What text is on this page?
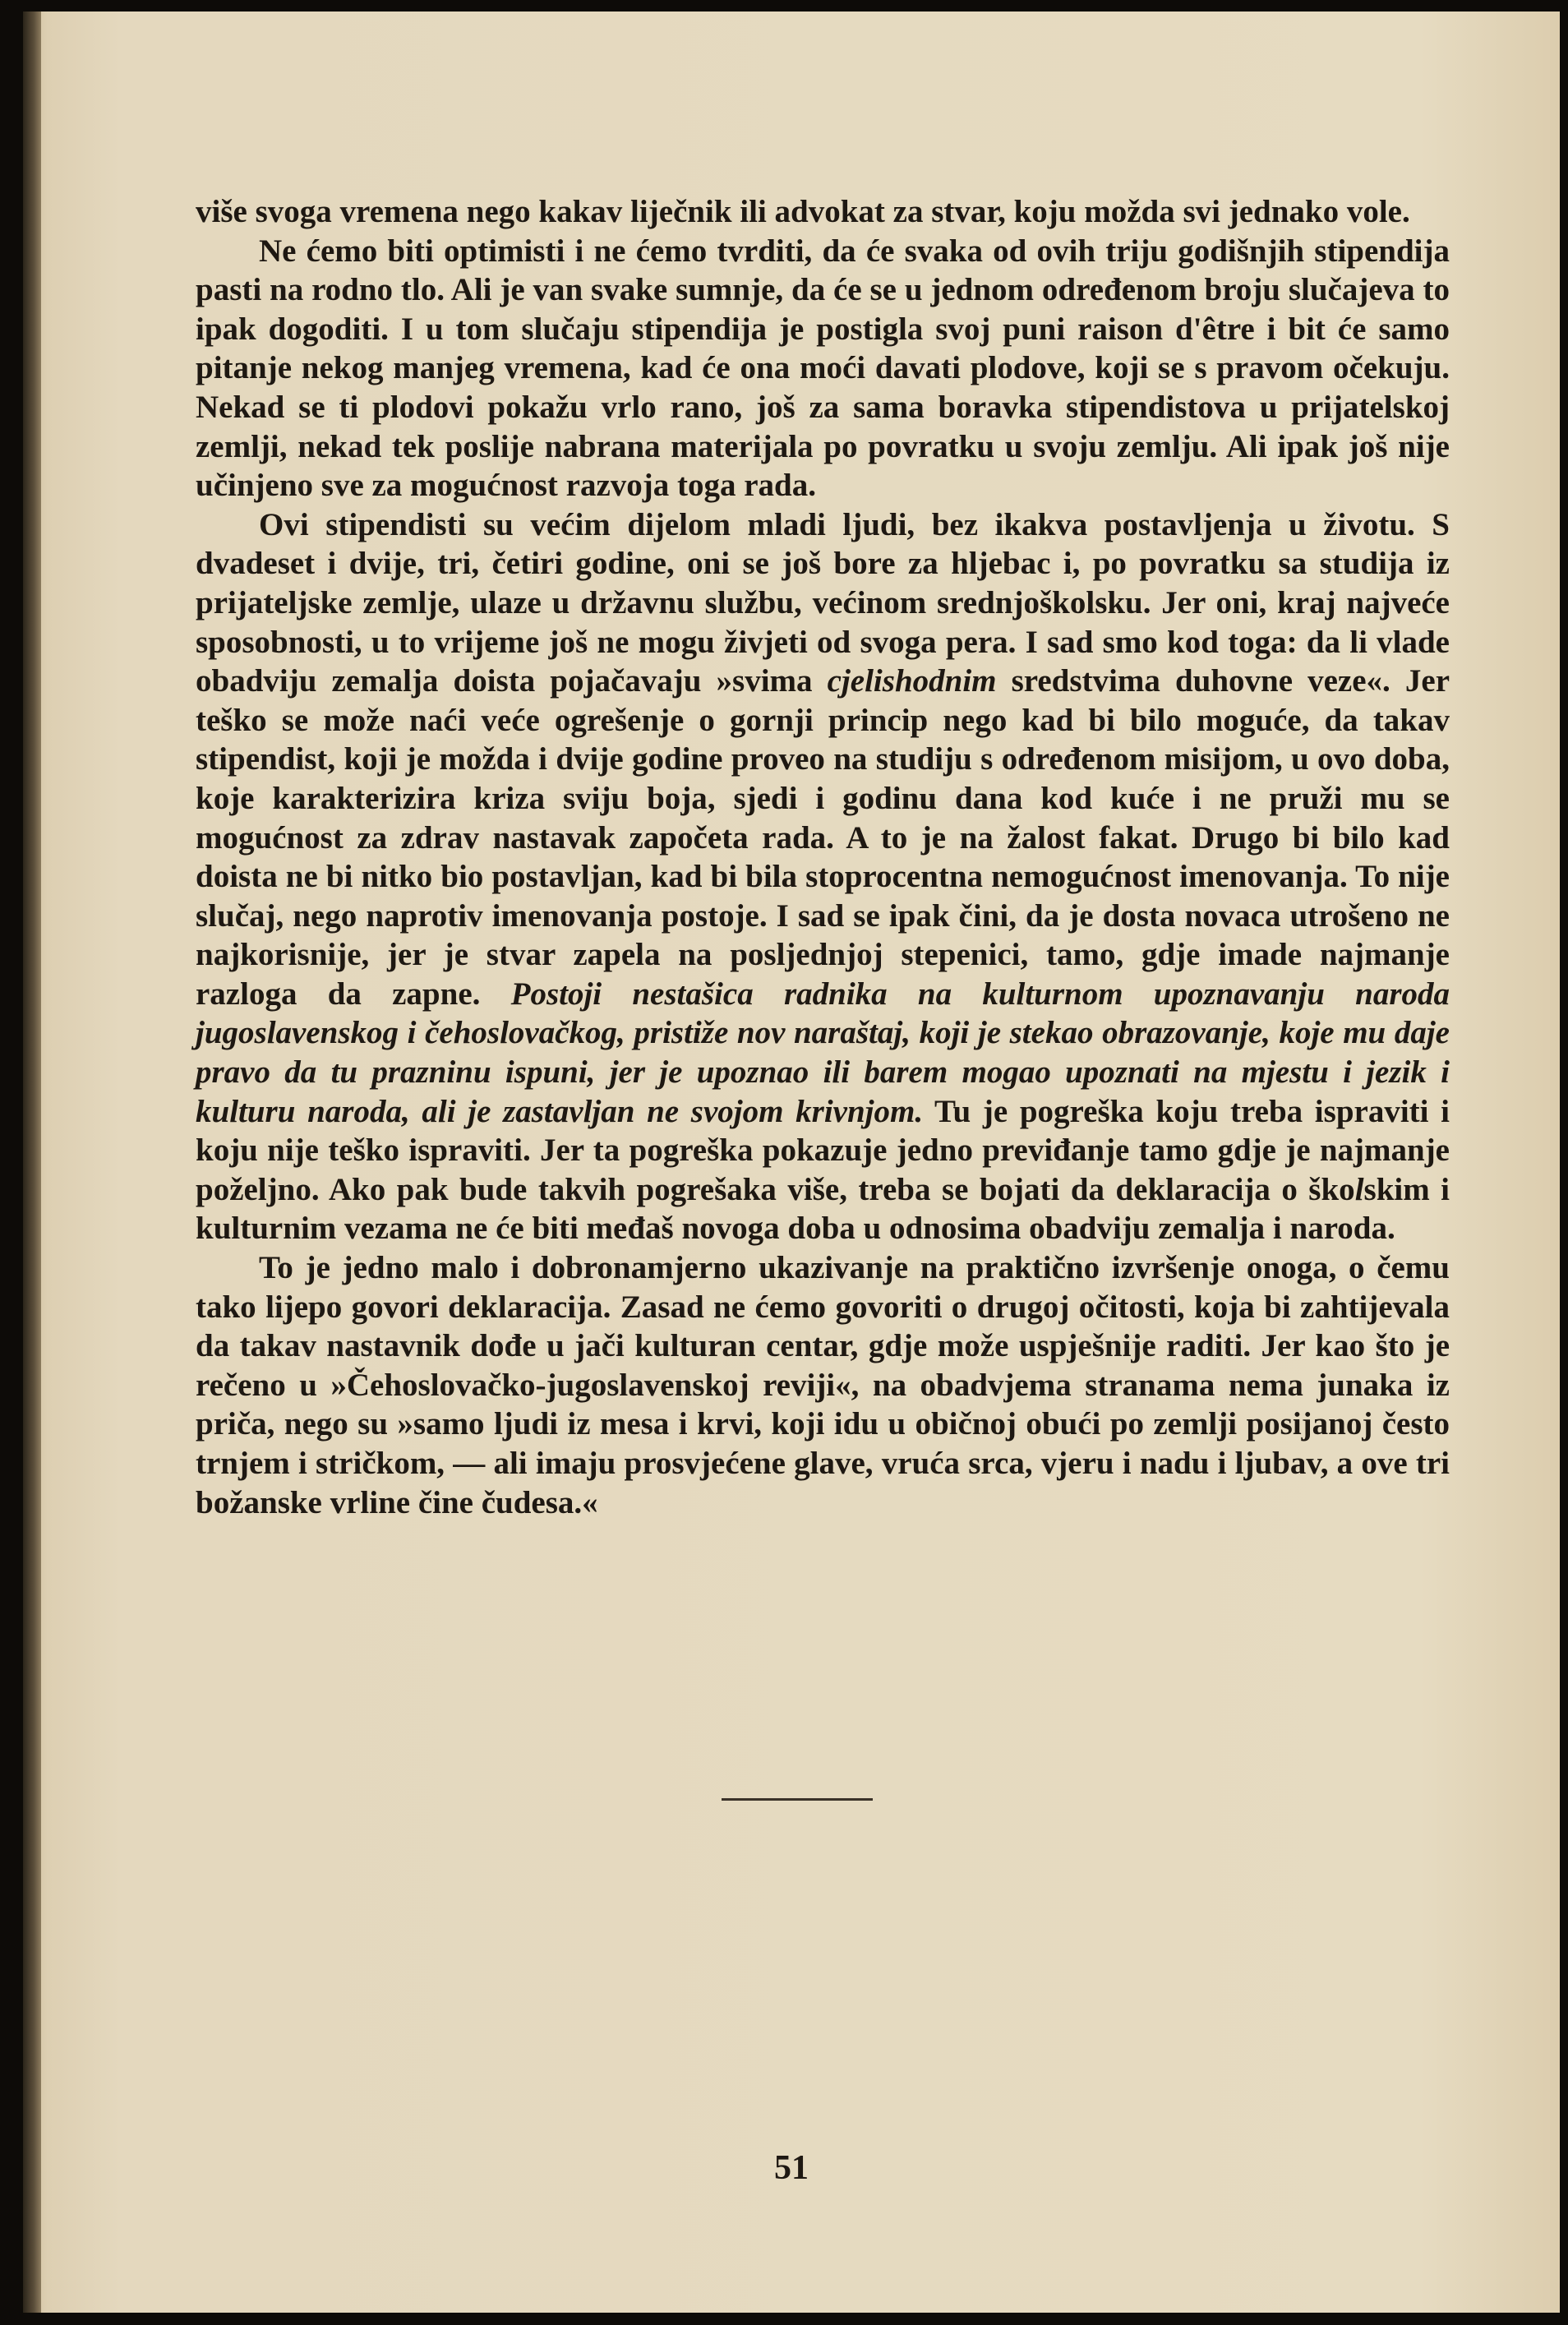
više svoga vremena nego kakav liječnik ili advokat za stvar, koju možda svi jednako vole.

Ne ćemo biti optimisti i ne ćemo tvrditi, da će svaka od ovih triju godišnjih stipendija pasti na rodno tlo. Ali je van svake sumnje, da će se u jednom određenom broju slučajeva to ipak dogoditi. I u tom slučaju stipendija je postigla svoj puni raison d'être i bit će samo pitanje nekog manjeg vremena, kad će ona moći davati plodove, koji se s pravom očekuju. Nekad se ti plodovi pokažu vrlo rano, još za sama boravka stipendistova u prijatelskoj zemlji, nekad tek poslije nabrana materijala po povratku u svoju zemlju. Ali ipak još nije učinjeno sve za mogućnost razvoja toga rada.

Ovi stipendisti su većim dijelom mladi ljudi, bez ikakva postavljenja u životu. S dvadeset i dvije, tri, četiri godine, oni se još bore za hljebac i, po povratku sa studija iz prijateljske zemlje, ulaze u državnu službu, većinom srednjoškolsku. Jer oni, kraj najveće sposobnosti, u to vrijeme još ne mogu živjeti od svoga pera. I sad smo kod toga: da li vlade obadviju zemalja doista pojačavaju »svima cjelishodnim sredstvima duhovne veze«. Jer teško se može naći veće ogrešenje o gornji princip nego kad bi bilo moguće, da takav stipendist, koji je možda i dvije godine proveo na studiju s određenom misijom, u ovo doba, koje karakterizira kriza sviju boja, sjedi i godinu dana kod kuće i ne pruži mu se mogućnost za zdrav nastavak započeta rada. A to je na žalost fakat. Drugo bi bilo kad doista ne bi nitko bio postavljan, kad bi bila stoprocentna nemogućnost imenovanja. To nije slučaj, nego naprotiv imenovanja postoje. I sad se ipak čini, da je dosta novaca utrošeno ne najkorisnije, jer je stvar zapela na posljednjoj stepenici, tamo, gdje imade najmanje razloga da zapne. Postoji nestašica radnika na kulturnom upoznavanju naroda jugoslavenskog i čehoslovačkog, pristiže nov naraštaj, koji je stekao obrazovanje, koje mu daje pravo da tu prazninu ispuni, jer je upoznao ili barem mogao upoznati na mjestu i jezik i kulturu naroda, ali je zastavljan ne svojom krivnjom. Tu je pogreška koju treba ispraviti i koju nije teško ispraviti. Jer ta pogreška pokazuje jedno previđanje tamo gdje je najmanje poželjno. Ako pak bude takvih pogrešaka više, treba se bojati da deklaracija o školskim i kulturnim vezama ne će biti međaš novoga doba u odnosima obadviju zemalja i naroda.

To je jedno malo i dobronamjerno ukazivanje na praktično izvršenje onoga, o čemu tako lijepo govori deklaracija. Zasad ne ćemo govoriti o drugoj očitosti, koja bi zahtijevala da takav nastavnik dođe u jači kulturan centar, gdje može uspješnije raditi. Jer kao što je rečeno u »Čehoslovačko-jugoslavenskoj reviji«, na obadvjema stranama nema junaka iz priča, nego su »samo ljudi iz mesa i krvi, koji idu u običnoj obući po zemlji posijanoj često trnjem i stričkom, — ali imaju prosvjećene glave, vruća srca, vjeru i nadu i ljubav, a ove tri božanske vrline čine čudesa.«

51
